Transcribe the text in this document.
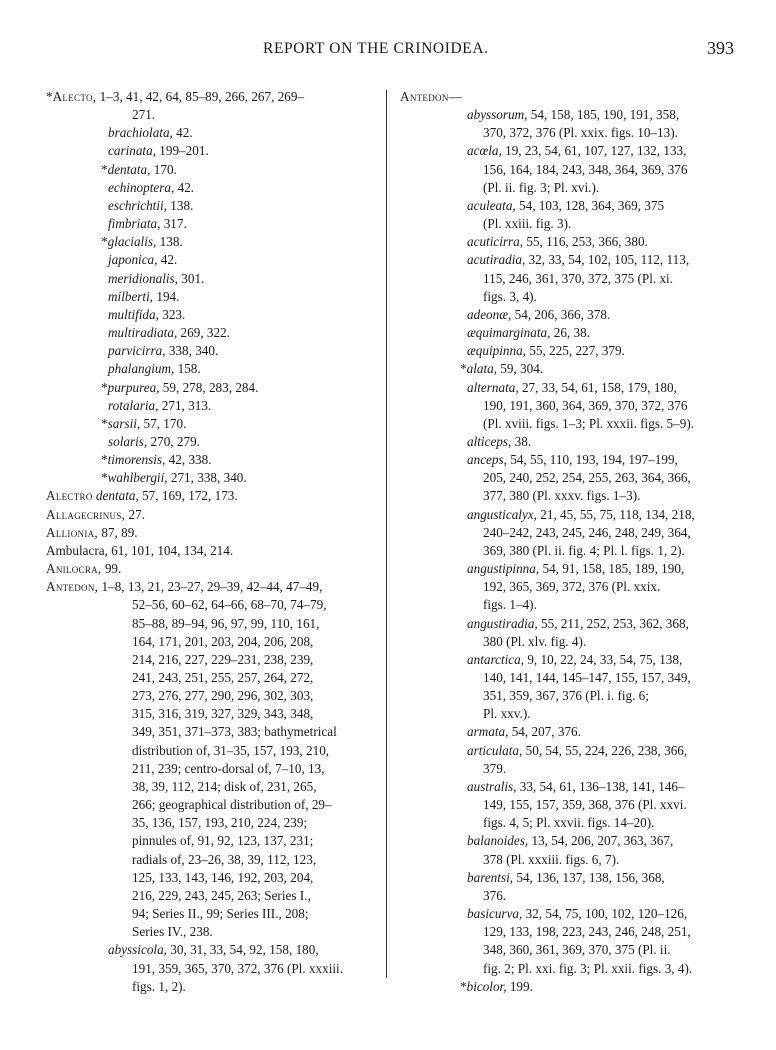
REPORT ON THE CRINOIDEA.	393
*Alecto, 1–3, 41, 42, 64, 85–89, 266, 267, 269–
271.
brachiolata, 42.
carinata, 199–201.
*dentata, 170.
echinoptera, 42.
eschrichtii, 138.
fimbriata, 317.
*glacialis, 138.
japonica, 42.
meridionalis, 301.
milberti, 194.
multifida, 323.
multiradiata, 269, 322.
parvicirra, 338, 340.
phalangium, 158.
*purpurea, 59, 278, 283, 284.
rotalaria, 271, 313.
*sarsii, 57, 170.
solaris, 270, 279.
*timorensis, 42, 338.
*wahlbergii, 271, 338, 340.
Alectro dentata, 57, 169, 172, 173.
Allagecrinus, 27.
Allionia, 87, 89.
Ambulacra, 61, 101, 104, 134, 214.
Anilocra, 99.
Antedon, 1–8, 13, 21, 23–27, 29–39, 42–44, 47–49,
52–56, 60–62, 64–66, 68–70, 74–79,
85–88, 89–94, 96, 97, 99, 110, 161,
164, 171, 201, 203, 204, 206, 208,
214, 216, 227, 229–231, 238, 239,
241, 243, 251, 255, 257, 264, 272,
273, 276, 277, 290, 296, 302, 303,
315, 316, 319, 327, 329, 343, 348,
349, 351, 371–373, 383; bathymetrical
distribution of, 31–35, 157, 193, 210,
211, 239; centro-dorsal of, 7–10, 13,
38, 39, 112, 214; disk of, 231, 265,
266; geographical distribution of, 29–
35, 136, 157, 193, 210, 224, 239;
pinnules of, 91, 92, 123, 137, 231;
radials of, 23–26, 38, 39, 112, 123,
125, 133, 143, 146, 192, 203, 204,
216, 229, 243, 245, 263; Series I.,
94; Series II., 99; Series III., 208;
Series IV., 238.
abyssicola, 30, 31, 33, 54, 92, 158, 180,
191, 359, 365, 370, 372, 376 (Pl. xxxiii.
figs. 1, 2).
Antedon—
abyssorum, 54, 158, 185, 190, 191, 358,
370, 372, 376 (Pl. xxix. figs. 10–13).
acœla, 19, 23, 54, 61, 107, 127, 132, 133,
156, 164, 184, 243, 348, 364, 369, 376
(Pl. ii. fig. 3; Pl. xvi.).
aculeata, 54, 103, 128, 364, 369, 375
(Pl. xxiii. fig. 3).
acuticirra, 55, 116, 253, 366, 380.
acutiradia, 32, 33, 54, 102, 105, 112, 113,
115, 246, 361, 370, 372, 375 (Pl. xi.
figs. 3, 4).
adeonæ, 54, 206, 366, 378.
æquimarginata, 26, 38.
æquipinna, 55, 225, 227, 379.
*alata, 59, 304.
alternata, 27, 33, 54, 61, 158, 179, 180,
190, 191, 360, 364, 369, 370, 372, 376
(Pl. xviii. figs. 1–3; Pl. xxxii. figs. 5–9).
alticeps, 38.
anceps, 54, 55, 110, 193, 194, 197–199,
205, 240, 252, 254, 255, 263, 364, 366,
377, 380 (Pl. xxxv. figs. 1–3).
angusticalyx, 21, 45, 55, 75, 118, 134, 218,
240–242, 243, 245, 246, 248, 249, 364,
369, 380 (Pl. ii. fig. 4; Pl. l. figs. 1, 2).
angustipinna, 54, 91, 158, 185, 189, 190,
192, 365, 369, 372, 376 (Pl. xxix.
figs. 1–4).
angustiradia, 55, 211, 252, 253, 362, 368,
380 (Pl. xlv. fig. 4).
antarctica, 9, 10, 22, 24, 33, 54, 75, 138,
140, 141, 144, 145–147, 155, 157, 349,
351, 359, 367, 376 (Pl. i. fig. 6;
Pl. xxv.).
armata, 54, 207, 376.
articulata, 50, 54, 55, 224, 226, 238, 366,
379.
australis, 33, 54, 61, 136–138, 141, 146–
149, 155, 157, 359, 368, 376 (Pl. xxvi.
figs. 4, 5; Pl. xxvii. figs. 14–20).
balanoides, 13, 54, 206, 207, 363, 367,
378 (Pl. xxxiii. figs. 6, 7).
barentsi, 54, 136, 137, 138, 156, 368,
376.
basicurva, 32, 54, 75, 100, 102, 120–126,
129, 133, 198, 223, 243, 246, 248, 251,
348, 360, 361, 369, 370, 375 (Pl. ii.
fig. 2; Pl. xxi. fig. 3; Pl. xxii. figs. 3, 4).
*bicolor, 199.
